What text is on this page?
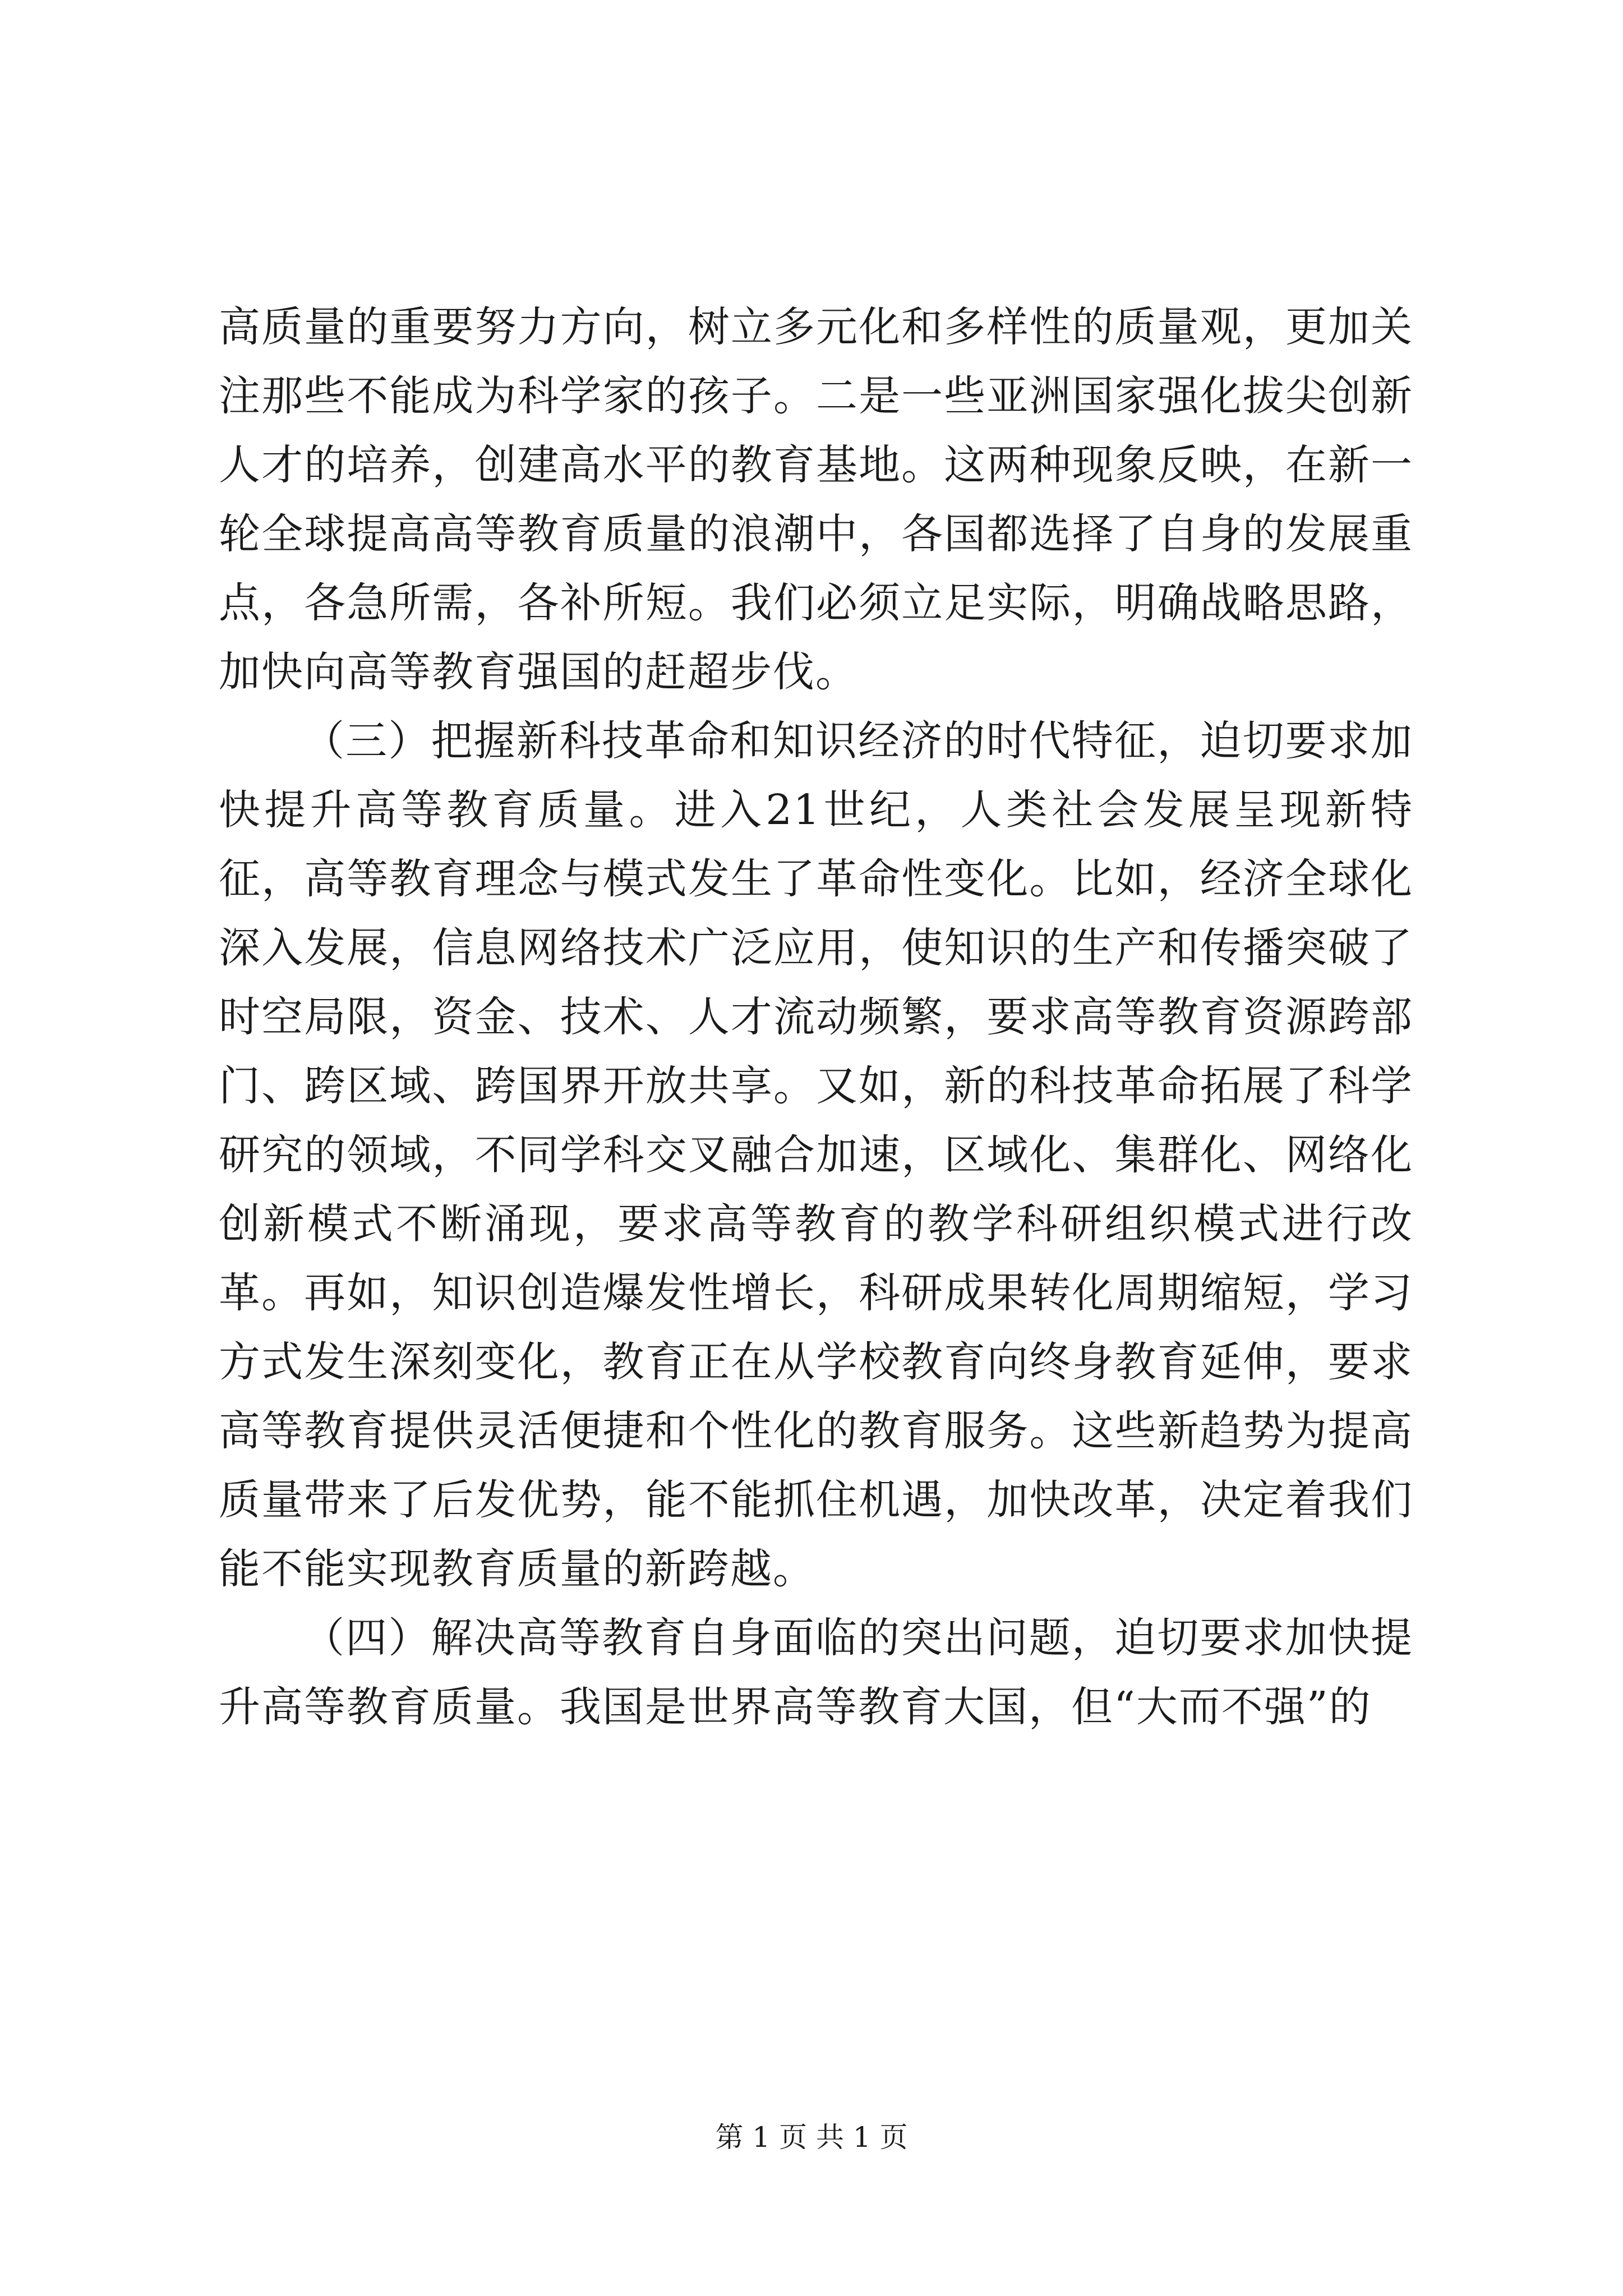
高质量的重要努力方向，树立多元化和多样性的质量观，更加关注那些不能成为科学家的孩子。二是一些亚洲国家强化拔尖创新人才的培养，创建高水平的教育基地。这两种现象反映，在新一轮全球提高高等教育质量的浪潮中，各国都选择了自身的发展重点，各急所需，各补所短。我们必须立足实际，明确战略思路，加快向高等教育强国的赶超步伐。

（三）把握新科技革命和知识经济的时代特征，迫切要求加快提升高等教育质量。进入21世纪，人类社会发展呈现新特征，高等教育理念与模式发生了革命性变化。比如，经济全球化深入发展，信息网络技术广泛应用，使知识的生产和传播突破了时空局限，资金、技术、人才流动频繁，要求高等教育资源跨部门、跨区域、跨国界开放共享。又如，新的科技革命拓展了科学研究的领域，不同学科交叉融合加速，区域化、集群化、网络化创新模式不断涌现，要求高等教育的教学科研组织模式进行改革。再如，知识创造爆发性增长，科研成果转化周期缩短，学习方式发生深刻变化，教育正在从学校教育向终身教育延伸，要求高等教育提供灵活便捷和个性化的教育服务。这些新趋势为提高质量带来了后发优势，能不能抓住机遇，加快改革，决定着我们能不能实现教育质量的新跨越。

（四）解决高等教育自身面临的突出问题，迫切要求加快提升高等教育质量。我国是世界高等教育大国，但“大而不强”的

第 1 页 共 1 页
